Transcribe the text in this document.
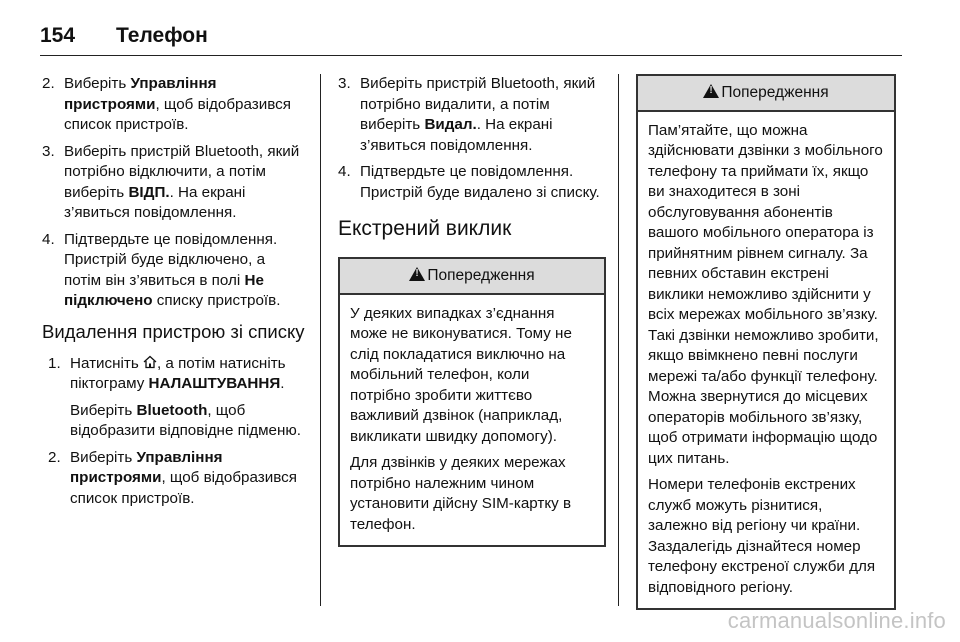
154	Телефон
2. Виберіть Управління пристроями, щоб відобразився список пристроїв.
3. Виберіть пристрій Bluetooth, який потрібно відключити, а потім виберіть ВІДП.. На екрані з’явиться повідомлення.
4. Підтвердьте це повідомлення. Пристрій буде відключено, а потім він з’явиться в полі Не підключено списку пристроїв.
Видалення пристрою зі списку
1. Натисніть , а потім натисніть піктограму НАЛАШТУВАННЯ.

Виберіть Bluetooth, щоб відобразити відповідне підменю.

2. Виберіть Управління пристроями, щоб відобразився список пристроїв.
3. Виберіть пристрій Bluetooth, який потрібно видалити, а потім виберіть Видал.. На екрані з’явиться повідомлення.
4. Підтвердьте це повідомлення. Пристрій буде видалено зі списку.
Екстрений виклик
!Попередження

У деяких випадках з’єднання може не виконуватися. Тому не слід покладатися виключно на мобільний телефон, коли потрібно зробити життєво важливий дзвінок (наприклад, викликати швидку допомогу).

Для дзвінків у деяких мережах потрібно належним чином установити дійсну SIM-картку в телефон.

!Попередження

Пам’ятайте, що можна здійснювати дзвінки з мобільного телефону та приймати їх, якщо ви знаходитеся в зоні обслуговування абонентів вашого мобільного оператора із прийнятним рівнем сигналу. За певних обставин екстрені виклики неможливо здійснити у всіх мережах мобільного зв’язку. Такі дзвінки неможливо зробити, якщо ввімкнено певні послуги мережі та/або функції телефону. Можна звернутися до місцевих операторів мобільного зв’язку, щоб отримати інформацію щодо цих питань.

Номери телефонів екстрених служб можуть різнитися, залежно від регіону чи країни. Заздалегідь дізнайтеся номер телефону екстреної служби для відповідного регіону.

carmanualsonline.info
